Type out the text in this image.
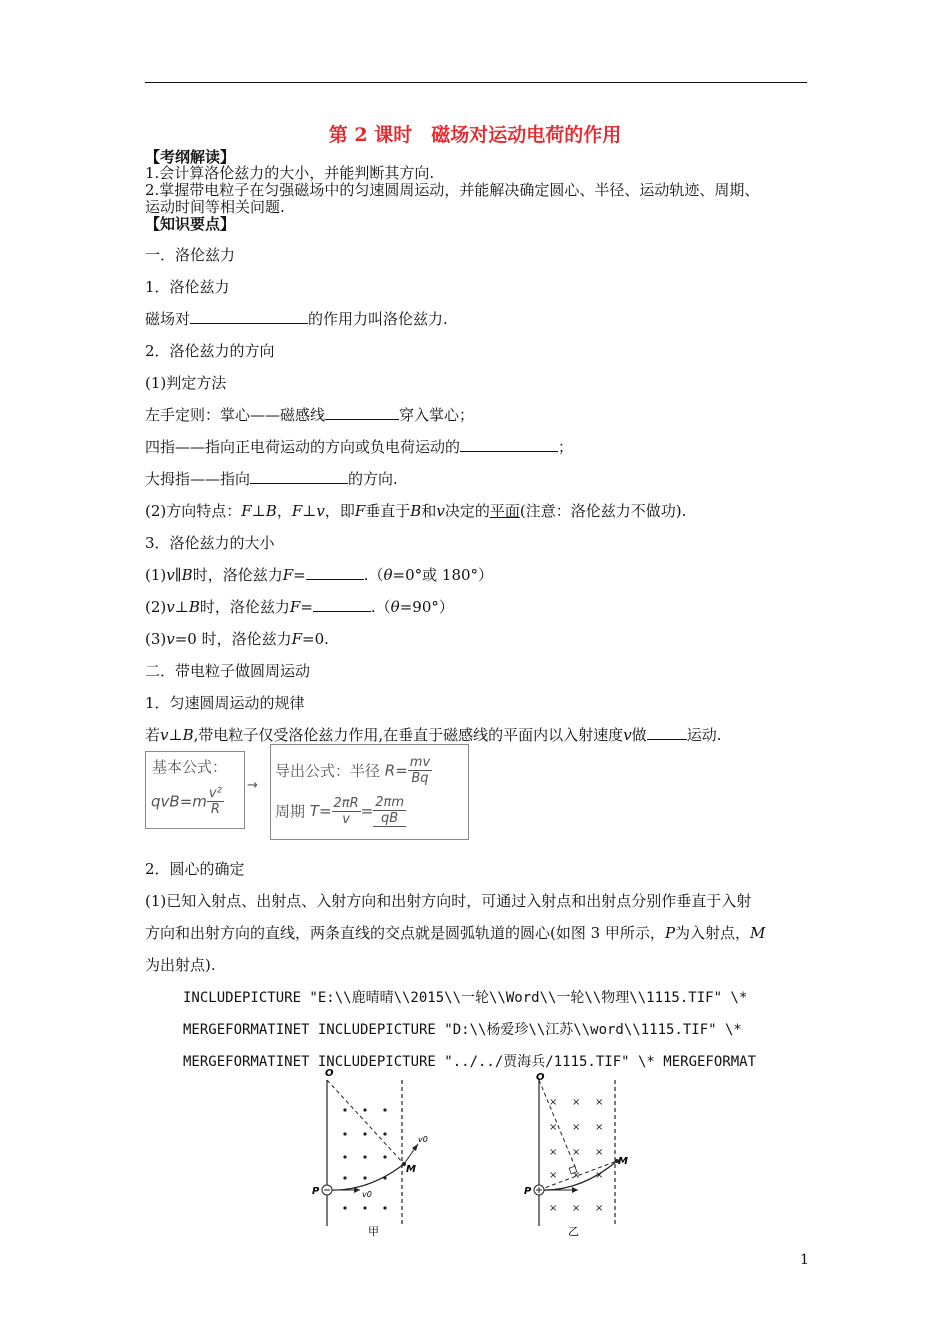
第 2 课时　磁场对运动电荷的作用
【考纲解读】
1.会计算洛伦兹力的大小，并能判断其方向.
2.掌握带电粒子在匀强磁场中的匀速圆周运动，并能解决确定圆心、半径、运动轨迹、周期、
运动时间等相关问题.
【知识要点】
一．洛伦兹力
1．洛伦兹力
磁场对	的作用力叫洛伦兹力.
2．洛伦兹力的方向
(1)判定方法
左手定则：掌心——磁感线	穿入掌心；
四指——指向正电荷运动的方向或负电荷运动的	；
大拇指——指向	的方向.
(2)方向特点：F⊥B，F⊥v，即F垂直于B和v决定的平面(注意：洛伦兹力不做功).
3．洛伦兹力的大小
(1)v∥B时，洛伦兹力F=	.（θ=0°或 180°）
(2)v⊥B时，洛伦兹力F=	.（θ=90°）
(3)v=0 时，洛伦兹力F=0.
二．带电粒子做圆周运动
1．匀速圆周运动的规律
若v⊥B,带电粒子仅受洛伦兹力作用,在垂直于磁感线的平面内以入射速度v做	运动.
基本公式：
$qvB=m \frac{\text{v²}}{R}$
→
导出公式：半径 $R= \frac{mv}{Bq}$
周期 $T= \frac{2\pi R}{v} = \frac{2\pi m}{qB}$
2．圆心的确定
(1)已知入射点、出射点、入射方向和出射方向时，可通过入射点和出射点分别作垂直于入射
方向和出射方向的直线，两条直线的交点就是圆弧轨道的圆心(如图 3 甲所示，P为入射点，M
为出射点).
INCLUDEPICTURE "E:\\鹿晴晴\\2015\\一轮\\Word\\一轮\\物理\\1115.TIF" \*
MERGEFORMATINET INCLUDEPICTURE "D:\\杨爱珍\\江苏\\word\\1115.TIF" \*
MERGEFORMATINET INCLUDEPICTURE "../../贾海兵/1115.TIF" \* MERGEFORMAT
O
P
M
v0
v0
甲
× × ×
× × ×
× × ×
× × ×
× × ×
O
P
M
乙
1
